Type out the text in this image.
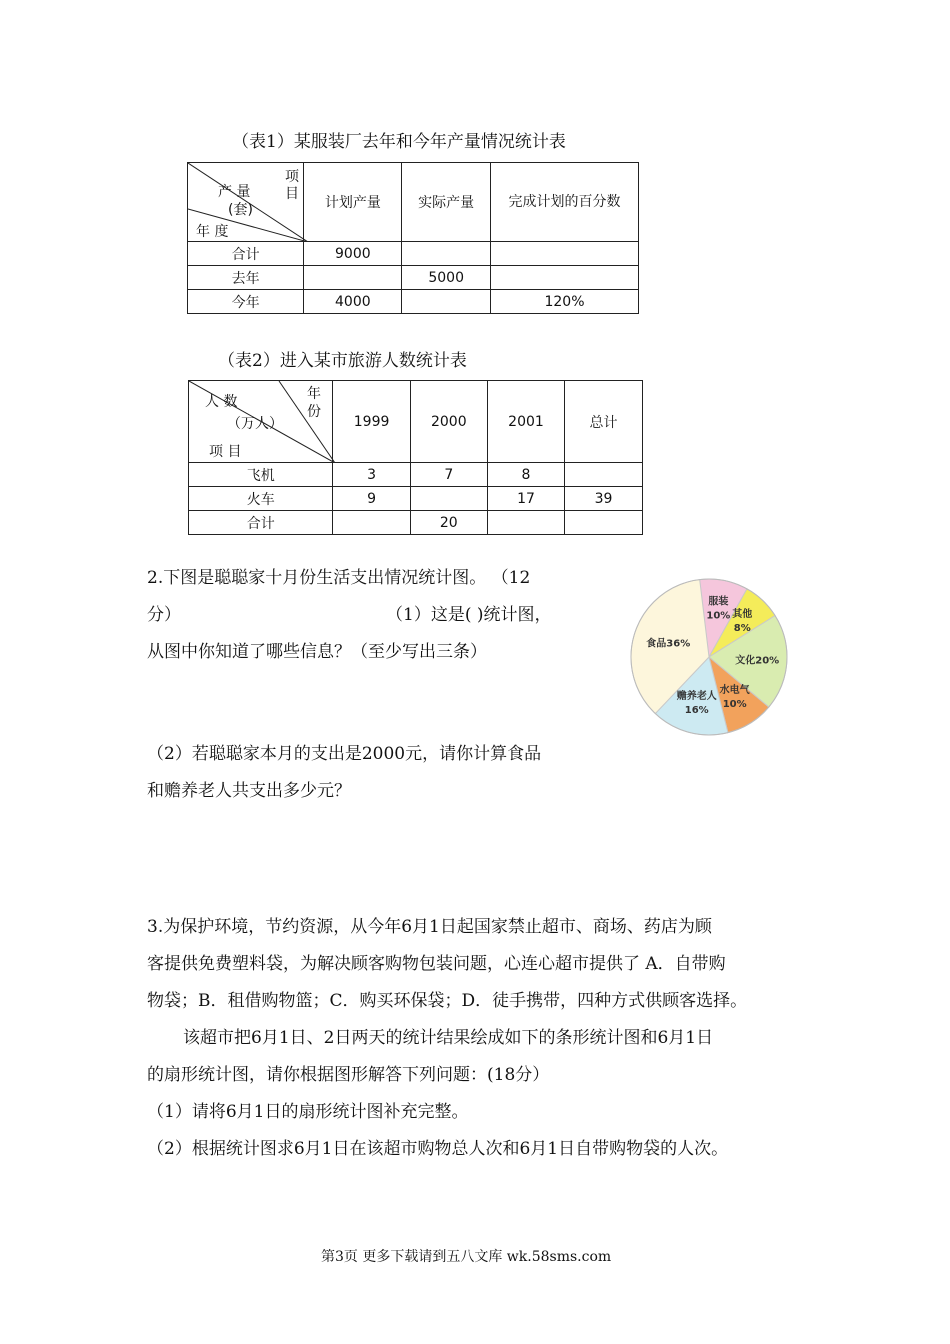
（表1）某服装厂去年和今年产量情况统计表
项目
产 量
(套)
年 度	计划产量	实际产量	完成计划的百分数
合计	9000		
去年		5000	
今年	4000		120%
（表2）进入某市旅游人数统计表
年份
人 数
（万人）
项 目	1999	2000	2001	总计
飞机	3	7	8	
火车	9		17	39
合计		20		
2.下图是聪聪家十月份生活支出情况统计图。 （12
分）	（1）这是( )统计图，
从图中你知道了哪些信息？（至少写出三条）
服装
10% 其他
8%
文化20%
水电气
10%
赡养老人
16%
食品36%
（2）若聪聪家本月的支出是2000元，请你计算食品
和赡养老人共支出多少元？
3.为保护环境，节约资源，从今年6月1日起国家禁止超市、商场、药店为顾
客提供免费塑料袋，为解决顾客购物包装问题，心连心超市提供了 A．自带购
物袋；B．租借购物篮；C．购买环保袋；D．徒手携带，四种方式供顾客选择。
该超市把6月1日、2日两天的统计结果绘成如下的条形统计图和6月1日
的扇形统计图，请你根据图形解答下列问题：(18分）
（1）请将6月1日的扇形统计图补充完整。
（2）根据统计图求6月1日在该超市购物总人次和6月1日自带购物袋的人次。
第3页 更多下载请到五八文库 wk.58sms.com
